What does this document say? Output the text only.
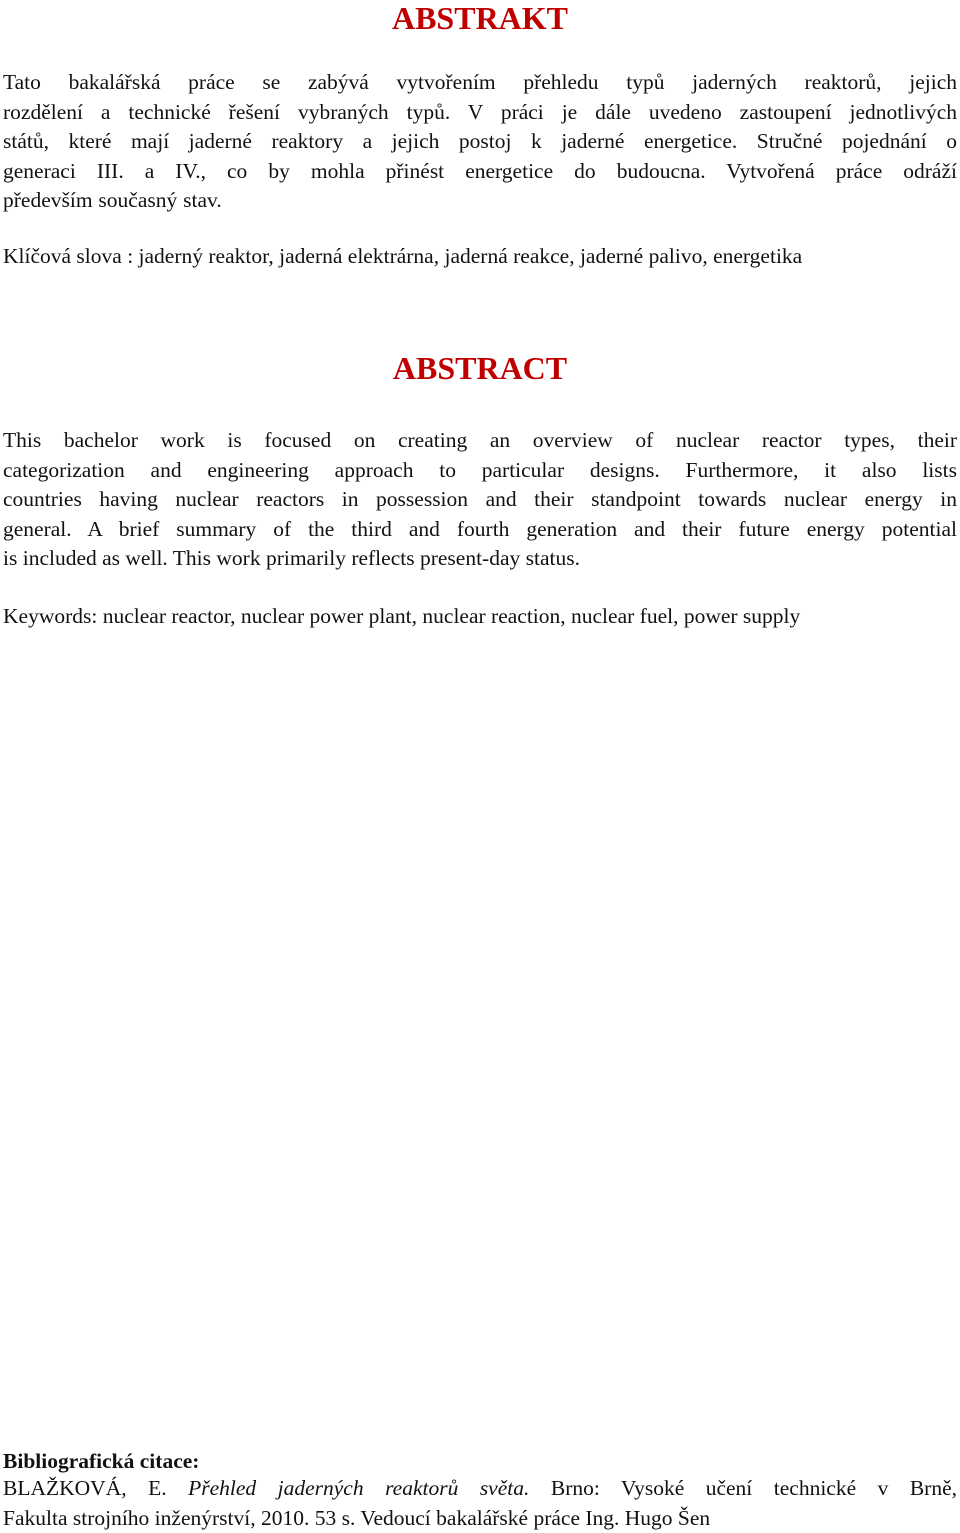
ABSTRAKT
Tato bakalářská práce se zabývá vytvořením přehledu typů jaderných reaktorů, jejich
rozdělení a technické řešení vybraných typů. V práci je dále uvedeno zastoupení jednotlivých
států, které mají jaderné reaktory a jejich postoj k jaderné energetice. Stručné pojednání o
generaci III. a IV., co by mohla přinést energetice do budoucna. Vytvořená práce odráží
především současný stav.

Klíčová slova : jaderný reaktor, jaderná elektrárna, jaderná reakce, jaderné palivo, energetika

ABSTRACT
This bachelor work is focused on creating an overview of nuclear reactor types, their
categorization and engineering approach to particular designs. Furthermore, it also lists
countries having nuclear reactors in possession and their standpoint towards nuclear energy in
general. A brief summary of the third and fourth generation and their future energy potential
is included as well. This work primarily reflects present-day status.

Keywords: nuclear reactor, nuclear power plant, nuclear reaction, nuclear fuel, power supply

Bibliografická citace:

BLAŽKOVÁ, E. Přehled jaderných reaktorů světa. Brno: Vysoké učení technické v Brně,
Fakulta strojního inženýrství, 2010. 53 s. Vedoucí bakalářské práce Ing. Hugo Šen
